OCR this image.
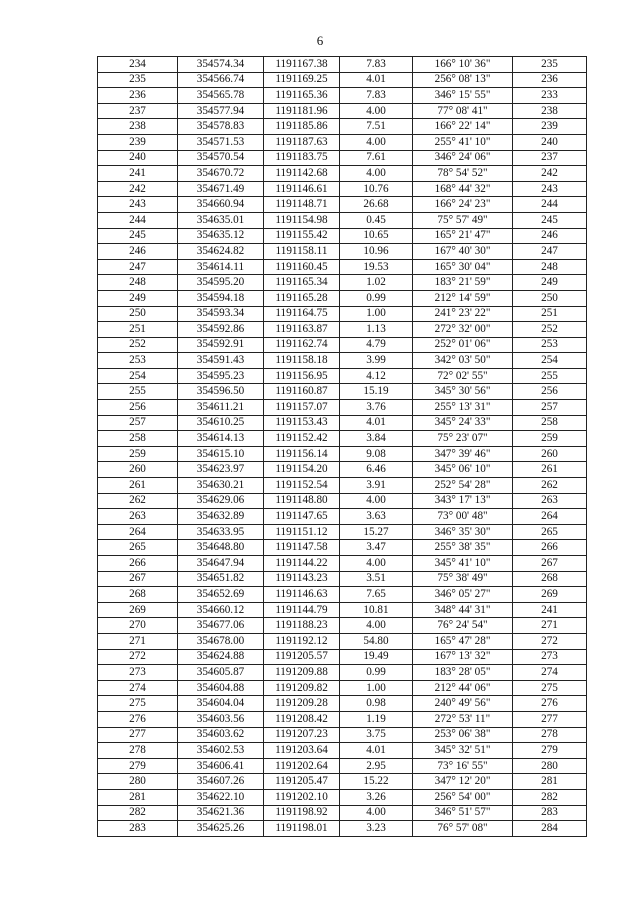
6
234	354574.34	1191167.38	7.83	166° 10' 36"	235
235	354566.74	1191169.25	4.01	256° 08' 13"	236
236	354565.78	1191165.36	7.83	346° 15' 55"	233
237	354577.94	1191181.96	4.00	77° 08' 41"	238
238	354578.83	1191185.86	7.51	166° 22' 14"	239
239	354571.53	1191187.63	4.00	255° 41' 10"	240
240	354570.54	1191183.75	7.61	346° 24' 06"	237
241	354670.72	1191142.68	4.00	78° 54' 52"	242
242	354671.49	1191146.61	10.76	168° 44' 32"	243
243	354660.94	1191148.71	26.68	166° 24' 23"	244
244	354635.01	1191154.98	0.45	75° 57' 49"	245
245	354635.12	1191155.42	10.65	165° 21' 47"	246
246	354624.82	1191158.11	10.96	167° 40' 30"	247
247	354614.11	1191160.45	19.53	165° 30' 04"	248
248	354595.20	1191165.34	1.02	183° 21' 59"	249
249	354594.18	1191165.28	0.99	212° 14' 59"	250
250	354593.34	1191164.75	1.00	241° 23' 22"	251
251	354592.86	1191163.87	1.13	272° 32' 00"	252
252	354592.91	1191162.74	4.79	252° 01' 06"	253
253	354591.43	1191158.18	3.99	342° 03' 50"	254
254	354595.23	1191156.95	4.12	72° 02' 55"	255
255	354596.50	1191160.87	15.19	345° 30' 56"	256
256	354611.21	1191157.07	3.76	255° 13' 31"	257
257	354610.25	1191153.43	4.01	345° 24' 33"	258
258	354614.13	1191152.42	3.84	75° 23' 07"	259
259	354615.10	1191156.14	9.08	347° 39' 46"	260
260	354623.97	1191154.20	6.46	345° 06' 10"	261
261	354630.21	1191152.54	3.91	252° 54' 28"	262
262	354629.06	1191148.80	4.00	343° 17' 13"	263
263	354632.89	1191147.65	3.63	73° 00' 48"	264
264	354633.95	1191151.12	15.27	346° 35' 30"	265
265	354648.80	1191147.58	3.47	255° 38' 35"	266
266	354647.94	1191144.22	4.00	345° 41' 10"	267
267	354651.82	1191143.23	3.51	75° 38' 49"	268
268	354652.69	1191146.63	7.65	346° 05' 27"	269
269	354660.12	1191144.79	10.81	348° 44' 31"	241
270	354677.06	1191188.23	4.00	76° 24' 54"	271
271	354678.00	1191192.12	54.80	165° 47' 28"	272
272	354624.88	1191205.57	19.49	167° 13' 32"	273
273	354605.87	1191209.88	0.99	183° 28' 05"	274
274	354604.88	1191209.82	1.00	212° 44' 06"	275
275	354604.04	1191209.28	0.98	240° 49' 56"	276
276	354603.56	1191208.42	1.19	272° 53' 11"	277
277	354603.62	1191207.23	3.75	253° 06' 38"	278
278	354602.53	1191203.64	4.01	345° 32' 51"	279
279	354606.41	1191202.64	2.95	73° 16' 55"	280
280	354607.26	1191205.47	15.22	347° 12' 20"	281
281	354622.10	1191202.10	3.26	256° 54' 00"	282
282	354621.36	1191198.92	4.00	346° 51' 57"	283
283	354625.26	1191198.01	3.23	76° 57' 08"	284
